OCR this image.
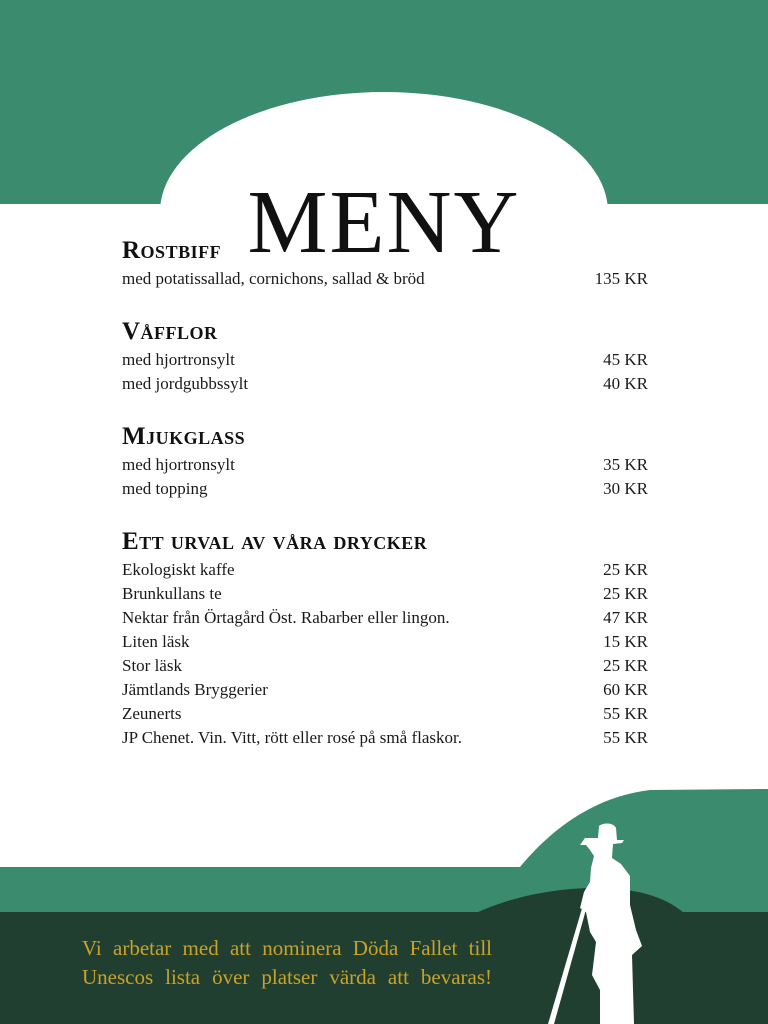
MENY
Rostbiff
med potatissallad, cornichons, sallad & bröd	135 KR
Våfflor
med hjortronsylt	45 KR
med jordgubbssylt	40 KR
Mjukglass
med hjortronsylt	35 KR
med topping	30 KR
Ett urval av våra drycker
Ekologiskt kaffe	25 KR
Brunkullans te	25 KR
Nektar från Örtagård Öst. Rabarber eller lingon.	47 KR
Liten läsk	15 KR
Stor läsk	25 KR
Jämtlands Bryggerier	60 KR
Zeunerts	55 KR
JP Chenet. Vin. Vitt, rött eller rosé på små flaskor.	55 KR
Vi arbetar med att nominera Döda Fallet till
Unescos lista över platser värda att bevaras!
